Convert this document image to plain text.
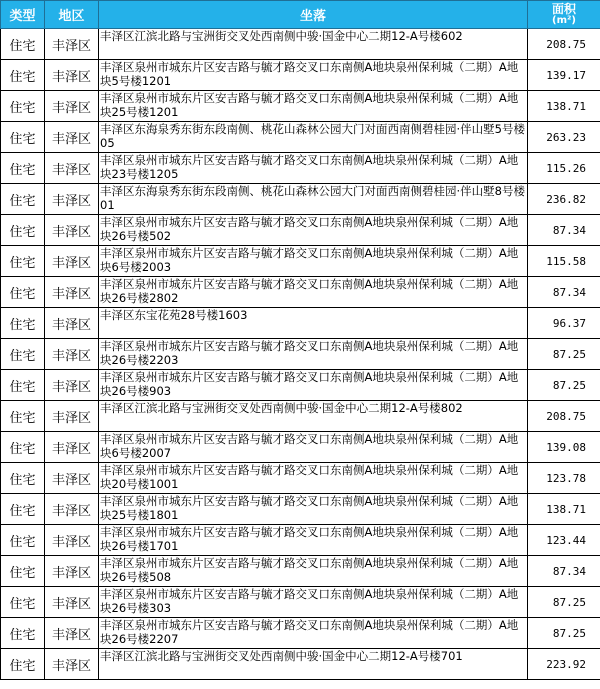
类型	地区	坐落	面积
(m²)

住宅	丰泽区	丰泽区江滨北路与宝洲街交叉处西南侧中骏·国金中心二期12-A号楼602	208.75
住宅	丰泽区	丰泽区泉州市城东片区安吉路与毓才路交叉口东南侧A地块泉州保利城（二期）A地块5号楼1201	139.17
住宅	丰泽区	丰泽区泉州市城东片区安吉路与毓才路交叉口东南侧A地块泉州保利城（二期）A地块25号楼1201	138.71
住宅	丰泽区	丰泽区东海泉秀东街东段南侧、桃花山森林公园大门对面西南侧碧桂园·伴山墅5号楼05	263.23
住宅	丰泽区	丰泽区泉州市城东片区安吉路与毓才路交叉口东南侧A地块泉州保利城（二期）A地块23号楼1205	115.26
住宅	丰泽区	丰泽区东海泉秀东街东段南侧、桃花山森林公园大门对面西南侧碧桂园·伴山墅8号楼01	236.82
住宅	丰泽区	丰泽区泉州市城东片区安吉路与毓才路交叉口东南侧A地块泉州保利城（二期）A地块26号楼502	87.34
住宅	丰泽区	丰泽区泉州市城东片区安吉路与毓才路交叉口东南侧A地块泉州保利城（二期）A地块6号楼2003	115.58
住宅	丰泽区	丰泽区泉州市城东片区安吉路与毓才路交叉口东南侧A地块泉州保利城（二期）A地块26号楼2802	87.34
住宅	丰泽区	丰泽区东宝花苑28号楼1603	96.37
住宅	丰泽区	丰泽区泉州市城东片区安吉路与毓才路交叉口东南侧A地块泉州保利城（二期）A地块26号楼2203	87.25
住宅	丰泽区	丰泽区泉州市城东片区安吉路与毓才路交叉口东南侧A地块泉州保利城（二期）A地块26号楼903	87.25
住宅	丰泽区	丰泽区江滨北路与宝洲街交叉处西南侧中骏·国金中心二期12-A号楼802	208.75
住宅	丰泽区	丰泽区泉州市城东片区安吉路与毓才路交叉口东南侧A地块泉州保利城（二期）A地块6号楼2007	139.08
住宅	丰泽区	丰泽区泉州市城东片区安吉路与毓才路交叉口东南侧A地块泉州保利城（二期）A地块20号楼1001	123.78
住宅	丰泽区	丰泽区泉州市城东片区安吉路与毓才路交叉口东南侧A地块泉州保利城（二期）A地块25号楼1801	138.71
住宅	丰泽区	丰泽区泉州市城东片区安吉路与毓才路交叉口东南侧A地块泉州保利城（二期）A地块26号楼1701	123.44
住宅	丰泽区	丰泽区泉州市城东片区安吉路与毓才路交叉口东南侧A地块泉州保利城（二期）A地块26号楼508	87.34
住宅	丰泽区	丰泽区泉州市城东片区安吉路与毓才路交叉口东南侧A地块泉州保利城（二期）A地块26号楼303	87.25
住宅	丰泽区	丰泽区泉州市城东片区安吉路与毓才路交叉口东南侧A地块泉州保利城（二期）A地块26号楼2207	87.25
住宅	丰泽区	丰泽区江滨北路与宝洲街交叉处西南侧中骏·国金中心二期12-A号楼701	223.92
